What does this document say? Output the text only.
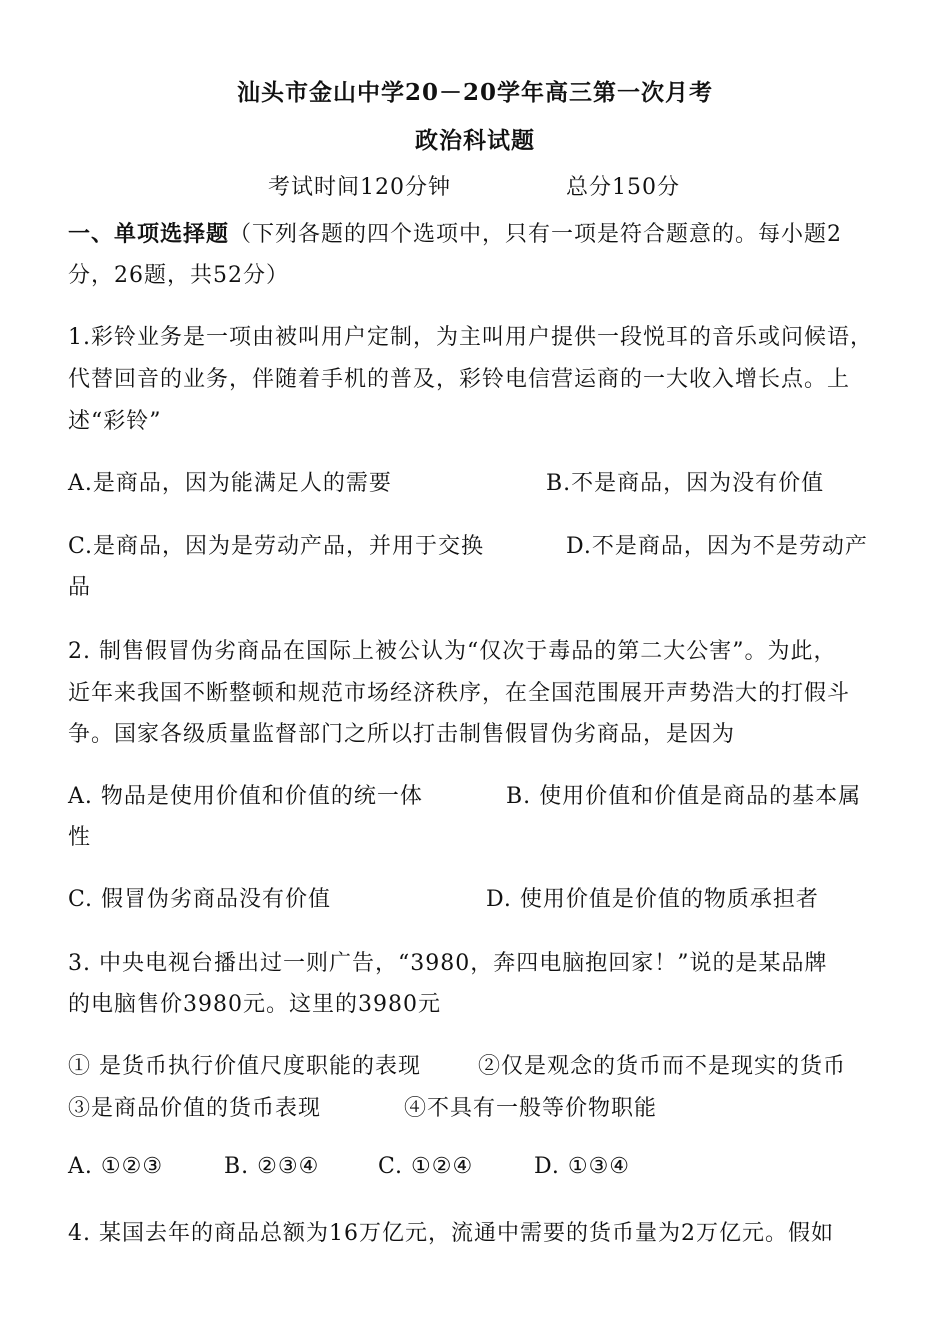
汕头市金山中学20－20学年高三第一次月考
政治科试题
考试时间120分钟	总分150分
一、单项选择题（下列各题的四个选项中，只有一项是符合题意的。每小题2
分，26题，共52分）
1.彩铃业务是一项由被叫用户定制，为主叫用户提供一段悦耳的音乐或问候语，
代替回音的业务，伴随着手机的普及，彩铃电信营运商的一大收入增长点。上
述“彩铃”
A.是商品，因为能满足人的需要	B.不是商品，因为没有价值
C.是商品，因为是劳动产品，并用于交换	D.不是商品，因为不是劳动产
品
2. 制售假冒伪劣商品在国际上被公认为“仅次于毒品的第二大公害”。为此，
近年来我国不断整顿和规范市场经济秩序，在全国范围展开声势浩大的打假斗
争。国家各级质量监督部门之所以打击制售假冒伪劣商品，是因为
A. 物品是使用价值和价值的统一体	B. 使用价值和价值是商品的基本属
性
C. 假冒伪劣商品没有价值	D. 使用价值是价值的物质承担者
3. 中央电视台播出过一则广告，“3980，奔四电脑抱回家！”说的是某品牌
的电脑售价3980元。这里的3980元
① 是货币执行价值尺度职能的表现	②仅是观念的货币而不是现实的货币
③是商品价值的货币表现	④不具有一般等价物职能
A. ①②③	B. ②③④	C. ①②④	D. ①③④
4. 某国去年的商品总额为16万亿元，流通中需要的货币量为2万亿元。假如
